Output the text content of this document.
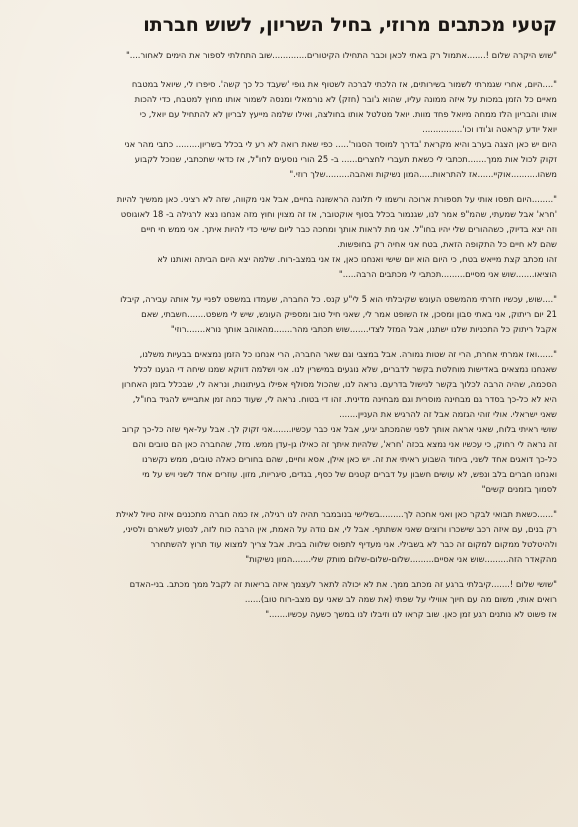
קטעי מכתבים מרוזי, בחיל השריון, לשוש חברתו
"שוש היקרה שלום !.......אתמול רק באתי לכאן וכבר התחילו הקיטורים.............שוב התחלתי לספור את הימים לאחור...."
"....היום, אחרי שגמרתי לשמור בשירותים, אז הלכתי לברכה לשטוף את גופי 'שעבד כל כך קשה'. סיפרו לי, שיואל במטבח
מאיים כל הזמן במכות על איזה ממונה עליו, שהוא ג'ובר (חזק) לא נורמאלי ומנסה לשמור אותו מחוץ למטבח, כדי להכות
אותו והבריון הלז ממחה מיואל פחד מוות. יואל מטלטל אותו בחולצה, ואילו שלמה מייעץ לבריון לא להתחיל עם יואל, כי
יואל יודע קראטה וג'ודו וכו'...............
היום יש כאן הצגה בערב והיא מקראת 'בדרך למוסד הסגור'..... כפי שאת רואה לא רע לי בכלל בשריון......... כתבי מהר אני
זקוק לכול אות ממך.......תכתבי לי כשאת תעברי לחצרים...... ב- 25 הורי נוסעים לחו"ל, אז כדאי שתכתבי, שנוכל לקבוע
משהו..........אוקיי......אז להתראות.....המון נשיקות ואהבה.........שלך רוזי."
"........היום תפסו אותי על תספורת ארוכה ורשמו לי תלונה הראשונה בחיים, אבל אני מקווה, שזה לא רציני. כאן ממשיך להיות
'חרא' אבל שמעתי, שהמ"פ אמר לנו, שגנמור בכלל בסוף אוקטובר, אז זה מצוין וחוץ מזה אנחנו נצא לרגילה ב- 18 לאוגוסט
וזה יצא בדיוק, כשההורים שלי יהיו בחו"ל. אני מת לראות אותך ומחכה כבר ליום שישי כדי להיות איתך. אני ממש חי חיים
שהם לא חיים כל התקופה הזאת, בטח אני אחיה רק בחופשות.
זהו מכתב קצת מייאש בטח, כי היום הוא יום שישי ואנחנו כאן, אז אני במצב-רוח. שלמה יצא היום הביתה ואותנו לא
הוציאו.......שוש אני מסיים.........תכתבי לי מכתבים הרבה....."
"....שוש, עכשיו חזרתי מהמשפט העונש שקיבלתי הוא 5 לי"ע קנס. כל החברה, שעמדו במשפט לפניי על אותה עבירה, קיבלו
21 יום ריתוק, אני באתי סבון ומסכן, אז השופט אמר לי, שאני חיל טוב ומספיק העונש, שיש לי משפט.......חשבתי, שאם
אקבל ריתוק כל התכניות שלנו ישתנו, אבל המזל לצדי.......שוש תכתבי מהר.......מהאוהב אותך נורא.......רוזי"
"......ואז אמרתי אחרת, הרי זה שטות גמורה. אבל במצבי וגם שאר החברה, הרי אנחנו כל הזמן נמצאים בבעיות משלנו,
שאנחנו נמצאים באדישות מוחלטת בקשר לדברים, שלא נוגעים במישרין לנו. אני ושלמה דווקא שמנו שיחה די הגענו לכלל
הסכמה, שהיה הרבה לכלוך בקשר לנישול בדרעם. נראה לנו, שהכול מסולף אפילו בעיתונות, ונראה לי, שבכלל בזמן האחרון
היא לא כל-כך בסדר גם מבחינה מוסרית וגם מבחינה מדינית. זהו די בטוח. נראה לי, שעוד כמה זמן אתביייש להגיד בחו"ל,
שאני ישראלי. אולי זוהי הגזמה אבל זה להרגיש את העניין.......
שושי ראיתי בלוח, שאני אראה אותך לפני שהמכתב יגיע, אבל אני כבר עכשיו.......אני זקוק לך. אבל על-אף שזה כל-כך קרוב
זה נראה לי רחוק, כי עכשיו אני נמצא בכזה 'חרא', שלהיות איתך זה כאילו גן-עדן ממש. מזל, שהחברה כאן הם טובים והם
כל-כך דואגים אחד לשני, ביחוד השבוע ראיתי את זה. יש כאן אילן, אסא וחיים, שהם בחורים כאלה טובים, ממש נקשרנו
ואנחנו חברים בלב ונפש, לא עושים חשבון על דברים קטנים של כסף, בגדים, סיגריות, מזון. עוזרים אחד לשני ויש על מי
לסמוך בזמנים קשים"
"......כשאת תבואי לבקר כאן ואני אחכה לך.........בשלישי בנובמבר תהיה לנו רגילה, אז כמה חברה מתכננים איזה טיול לאילת
רק בנים, עם איזה רכב שישכרו ורוצים שאני אשתתף. אבל לי, אם נודה על האמת, אין הרבה כוח לזה, לנסוע לשארם ולסיני,
ולהיטלטל ממקום למקום זה כבר לא בשבילי. אני מעדיף לתפוס שלווה בבית. אבל צריך למצוא עוד תרוץ להשתחרר
מהקאדר הזה.........שוש אני אסיים.........שלום-שלום-שלום מותק שלי.......המון נשיקות"
"שושי שלום !.......קיבלתי ברגע זה מכתב ממך. את לא יכולה לתאר לעצמך איזה בריאות זה לקבל ממך מכתב. בני-האדם
רואים אותי, משום מה עם חיוך אווילי על שפתי (את שמה לב שאני עם מצב-רוח טוב)......
אז פשוט לא נותנים רגע זמן כאן. שוב קראו לנו וזיבלו לנו במשך כשעה עכשיו......."
